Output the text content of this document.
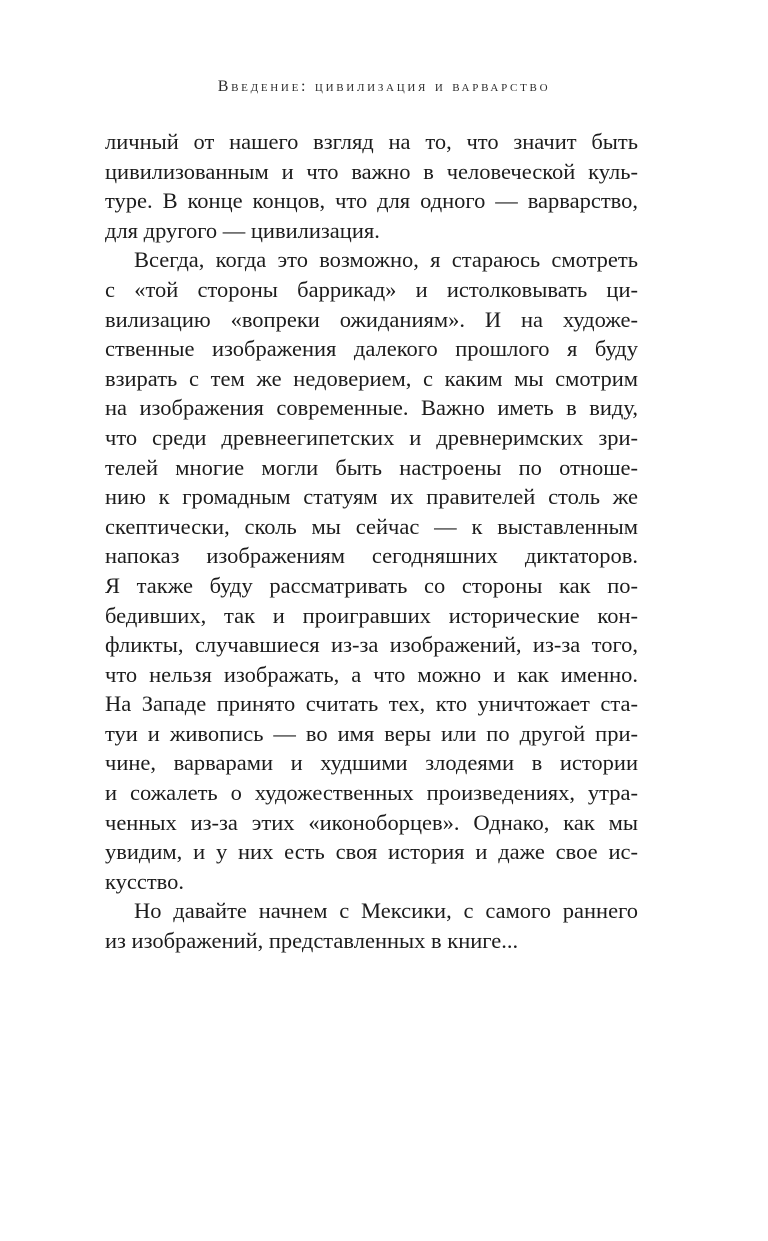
Введение: цивилизация и варварство
личный от нашего взгляд на то, что значит быть
цивилизованным и что важно в человеческой куль-
туре. В конце концов, что для одного — варварство,
для другого — цивилизация.
Всегда, когда это возможно, я стараюсь смотреть
с «той стороны баррикад» и истолковывать ци-
вилизацию «вопреки ожиданиям». И на художе-
ственные изображения далекого прошлого я буду
взирать с тем же недоверием, с каким мы смотрим
на изображения современные. Важно иметь в виду,
что среди древнеегипетских и древнеримских зри-
телей многие могли быть настроены по отноше-
нию к громадным статуям их правителей столь же
скептически, сколь мы сейчас — к выставленным
напоказ изображениям сегодняшних диктаторов.
Я также буду рассматривать со стороны как по-
бедивших, так и проигравших исторические кон-
фликты, случавшиеся из-за изображений, из-за того,
что нельзя изображать, а что можно и как именно.
На Западе принято считать тех, кто уничтожает ста-
туи и живопись — во имя веры или по другой при-
чине, варварами и худшими злодеями в истории
и сожалеть о художественных произведениях, утра-
ченных из-за этих «иконоборцев». Однако, как мы
увидим, и у них есть своя история и даже свое ис-
кусство.
Но давайте начнем с Мексики, с самого раннего
из изображений, представленных в книге...
